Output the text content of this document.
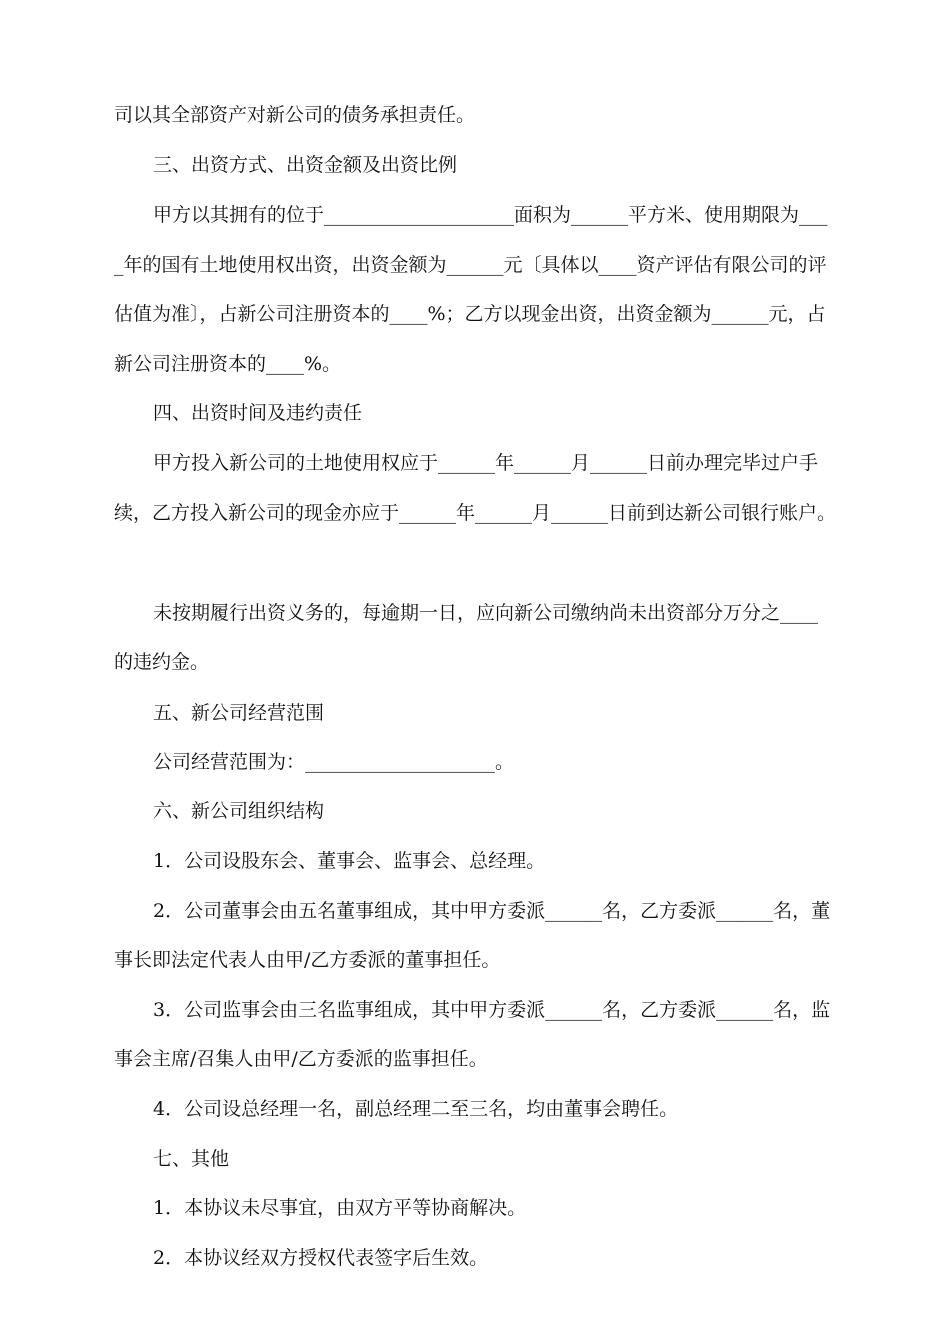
司以其全部资产对新公司的债务承担责任。
三、出资方式、出资金额及出资比例
甲方以其拥有的位于____________________面积为______平方米、使用期限为___
_年的国有土地使用权出资，出资金额为______元〔具体以____资产评估有限公司的评
估值为准〕，占新公司注册资本的____%；乙方以现金出资，出资金额为______元，占
新公司注册资本的____%。
四、出资时间及违约责任
甲方投入新公司的土地使用权应于______年______月______日前办理完毕过户手
续，乙方投入新公司的现金亦应于______年______月______日前到达新公司银行账户。
未按期履行出资义务的，每逾期一日，应向新公司缴纳尚未出资部分万分之____
的违约金。
五、新公司经营范围
公司经营范围为：____________________。
六、新公司组织结构
1．公司设股东会、董事会、监事会、总经理。
2．公司董事会由五名董事组成，其中甲方委派______名，乙方委派______名，董
事长即法定代表人由甲/乙方委派的董事担任。
3．公司监事会由三名监事组成，其中甲方委派______名，乙方委派______名，监
事会主席/召集人由甲/乙方委派的监事担任。
4．公司设总经理一名，副总经理二至三名，均由董事会聘任。
七、其他
1．本协议未尽事宜，由双方平等协商解决。
2．本协议经双方授权代表签字后生效。
